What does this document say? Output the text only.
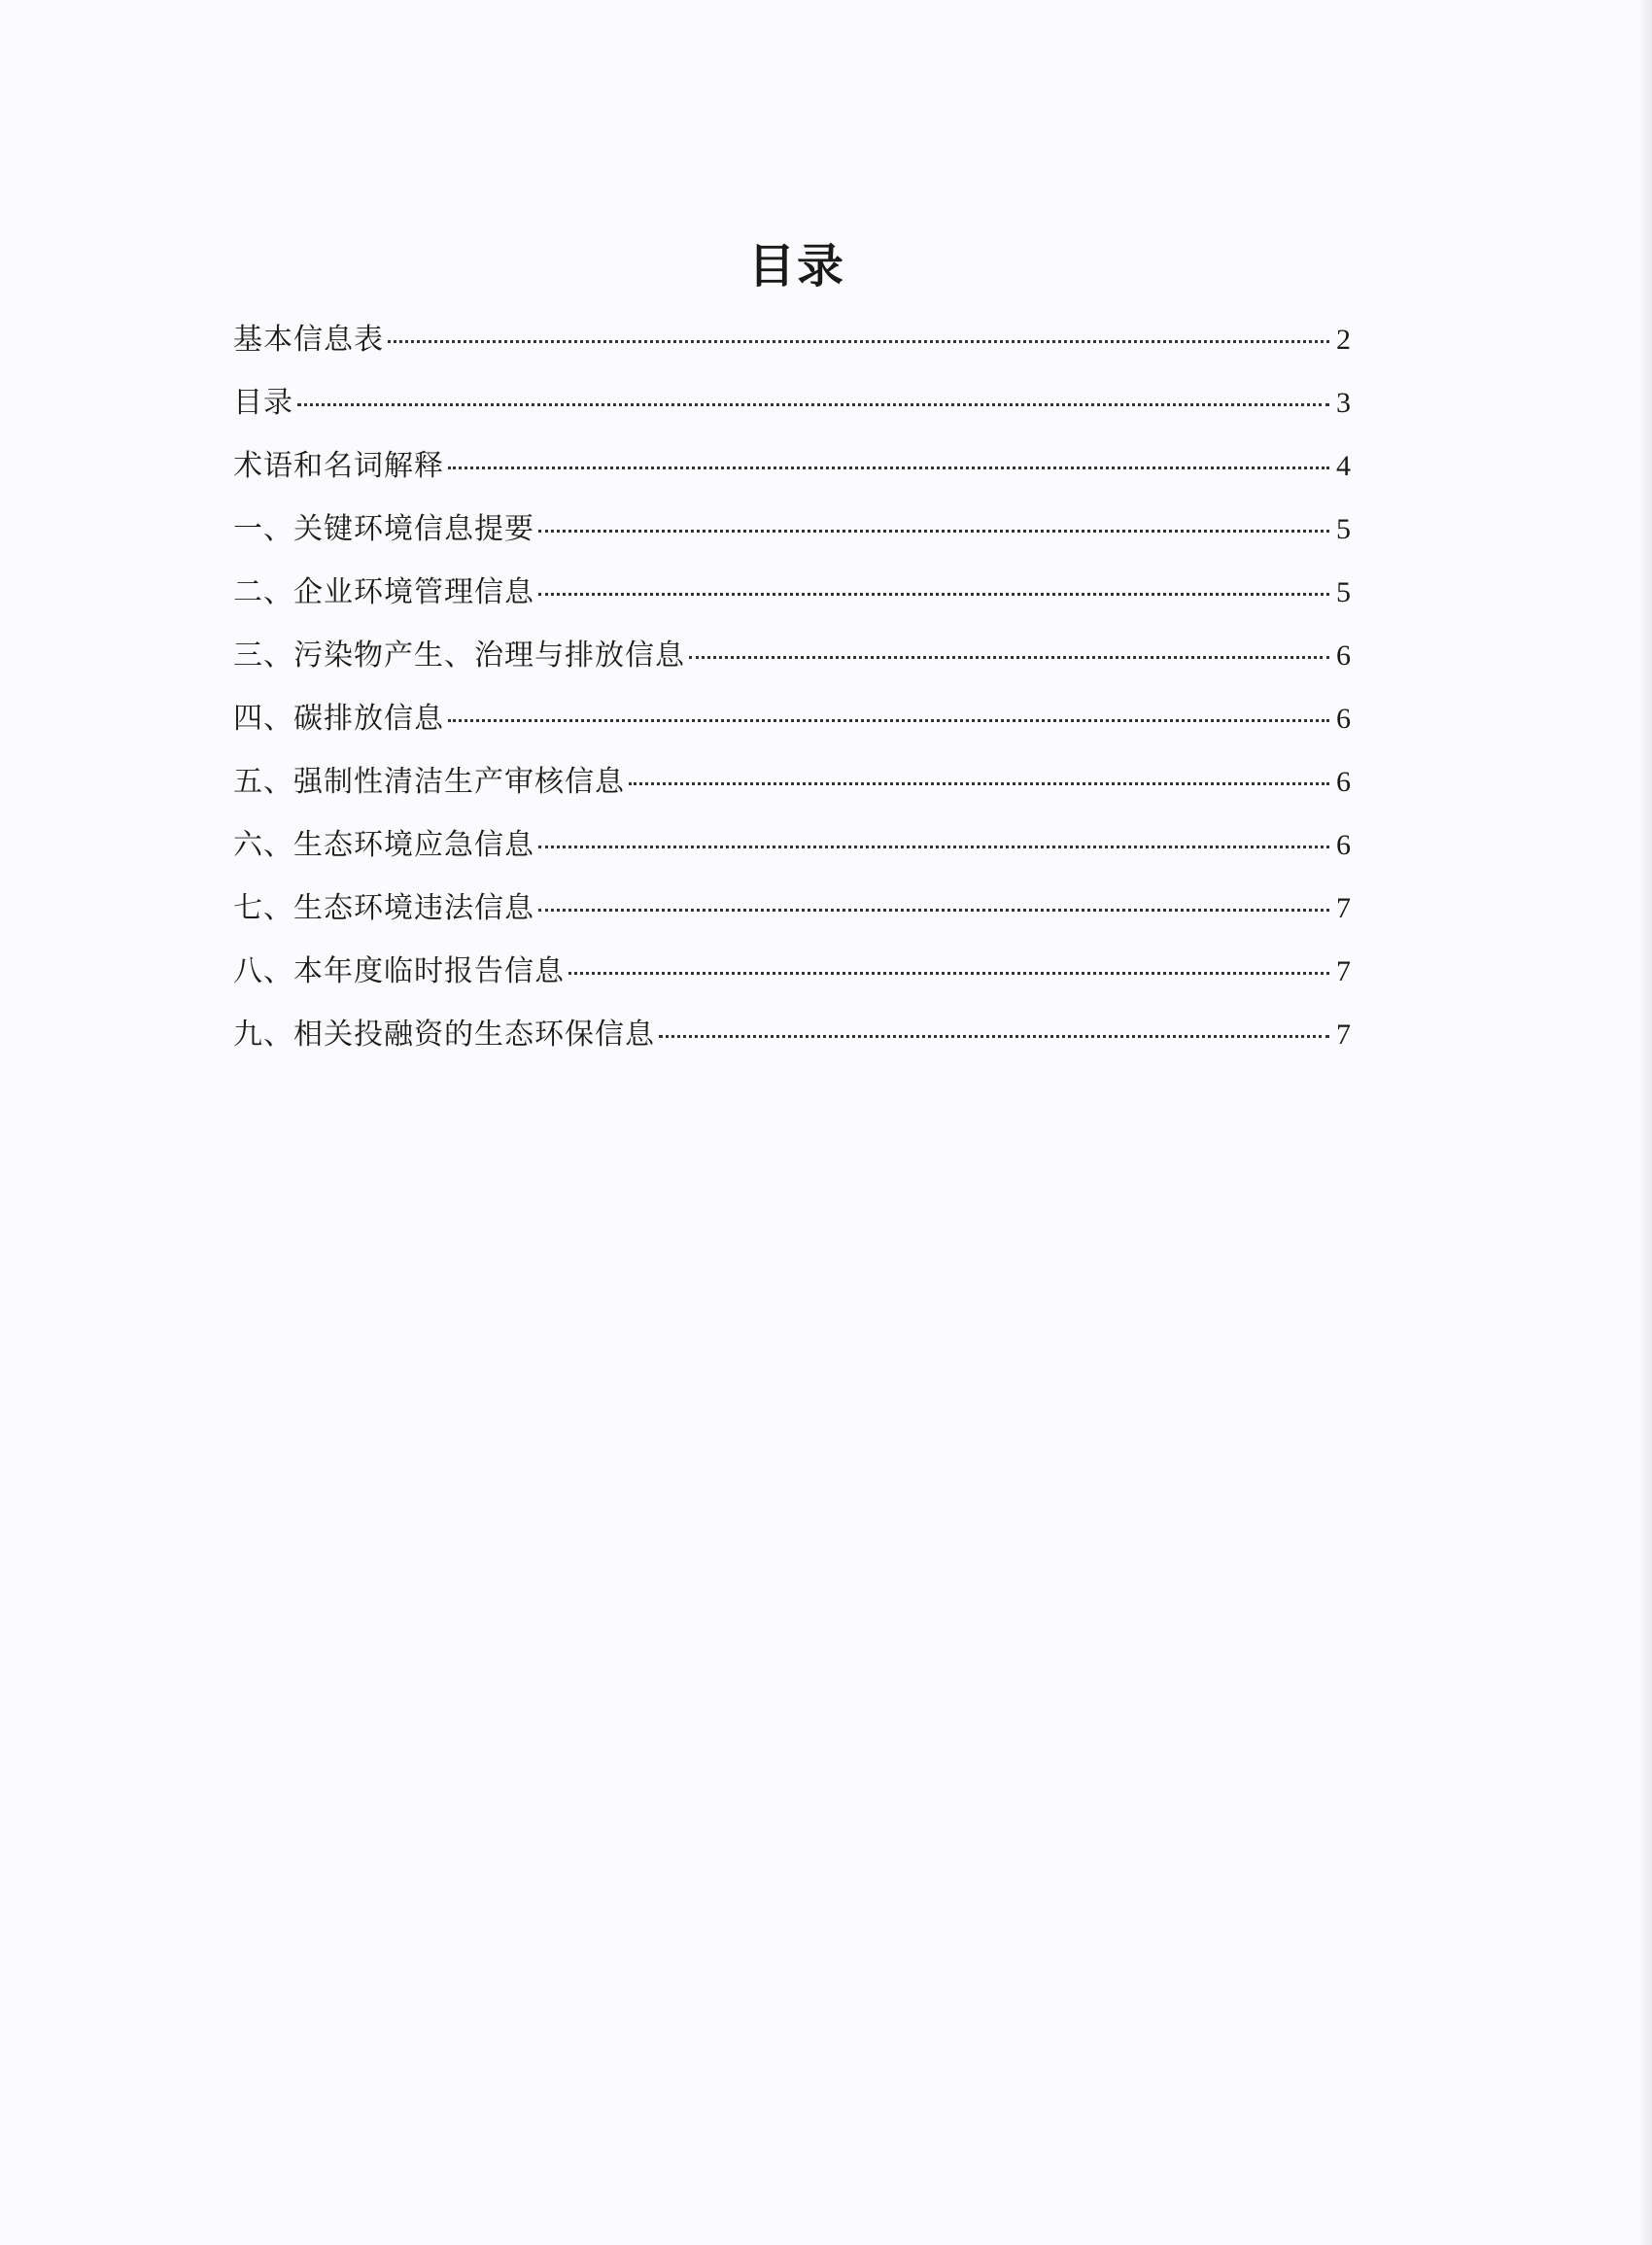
目录
基本信息表	2
目录	3
术语和名词解释	4
一、关键环境信息提要	5
二、企业环境管理信息	5
三、污染物产生、治理与排放信息	6
四、碳排放信息	6
五、强制性清洁生产审核信息	6
六、生态环境应急信息	6
七、生态环境违法信息	7
八、本年度临时报告信息	7
九、相关投融资的生态环保信息	7
